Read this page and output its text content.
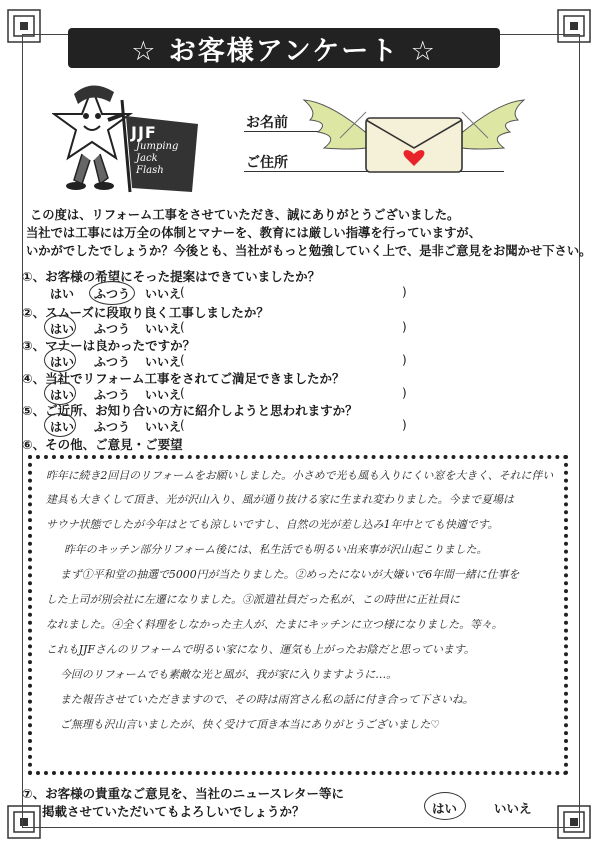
☆ お客様アンケート ☆
JJF
Jumping
Jack
Flash
お名前
ご住所
この度は、リフォーム工事をさせていただき、誠にありがとうございました。
当社では工事には万全の体制とマナーを、教育には厳しい指導を行っていますが、
いかがでしたでしょうか？今後とも、当社がもっと勉強していく上で、是非ご意見をお聞かせ下さい。
①、お客様の希望にそった提案はできていましたか？
はい ふつう いいえ
(	)
②、スムーズに段取り良く工事しましたか？
はい ふつう いいえ
(	)
③、マナーは良かったですか？
はい ふつう いいえ
(	)
④、当社でリフォーム工事をされてご満足できましたか？
はい ふつう いいえ
(	)
⑤、ご近所、お知り合いの方に紹介しようと思われますか？
はい ふつう いいえ
(	)
⑥、その他、ご意見・ご要望
昨年に続き2回目のリフォームをお願いしました。小さめで光も風も入りにくい窓を大きく、それに伴い
建具も大きくして頂き、光が沢山入り、風が通り抜ける家に生まれ変わりました。今まで夏場は
サウナ状態でしたが今年はとても涼しいですし、自然の光が差し込み1年中とても快適です。
昨年のキッチン部分リフォーム後には、私生活でも明るい出来事が沢山起こりました。
まず①平和堂の抽選で5000円が当たりました。②めったにないが大嫌いで6年間一緒に仕事を
した上司が別会社に左遷になりました。③派遣社員だった私が、この時世に正社員に
なれました。④全く料理をしなかった主人が、たまにキッチンに立つ様になりました。等々。
これもJJFさんのリフォームで明るい家になり、運気も上がったお陰だと思っています。
今回のリフォームでも素敵な光と風が、我が家に入りますように…。
また報告させていただきますので、その時は雨宮さん私の話に付き合って下さいね。
ご無理も沢山言いましたが、快く受けて頂き本当にありがとうございました♡
⑦、お客様の貴重なご意見を、当社のニュースレター等に
掲載させていただいてもよろしいでしょうか？	はい	いいえ
